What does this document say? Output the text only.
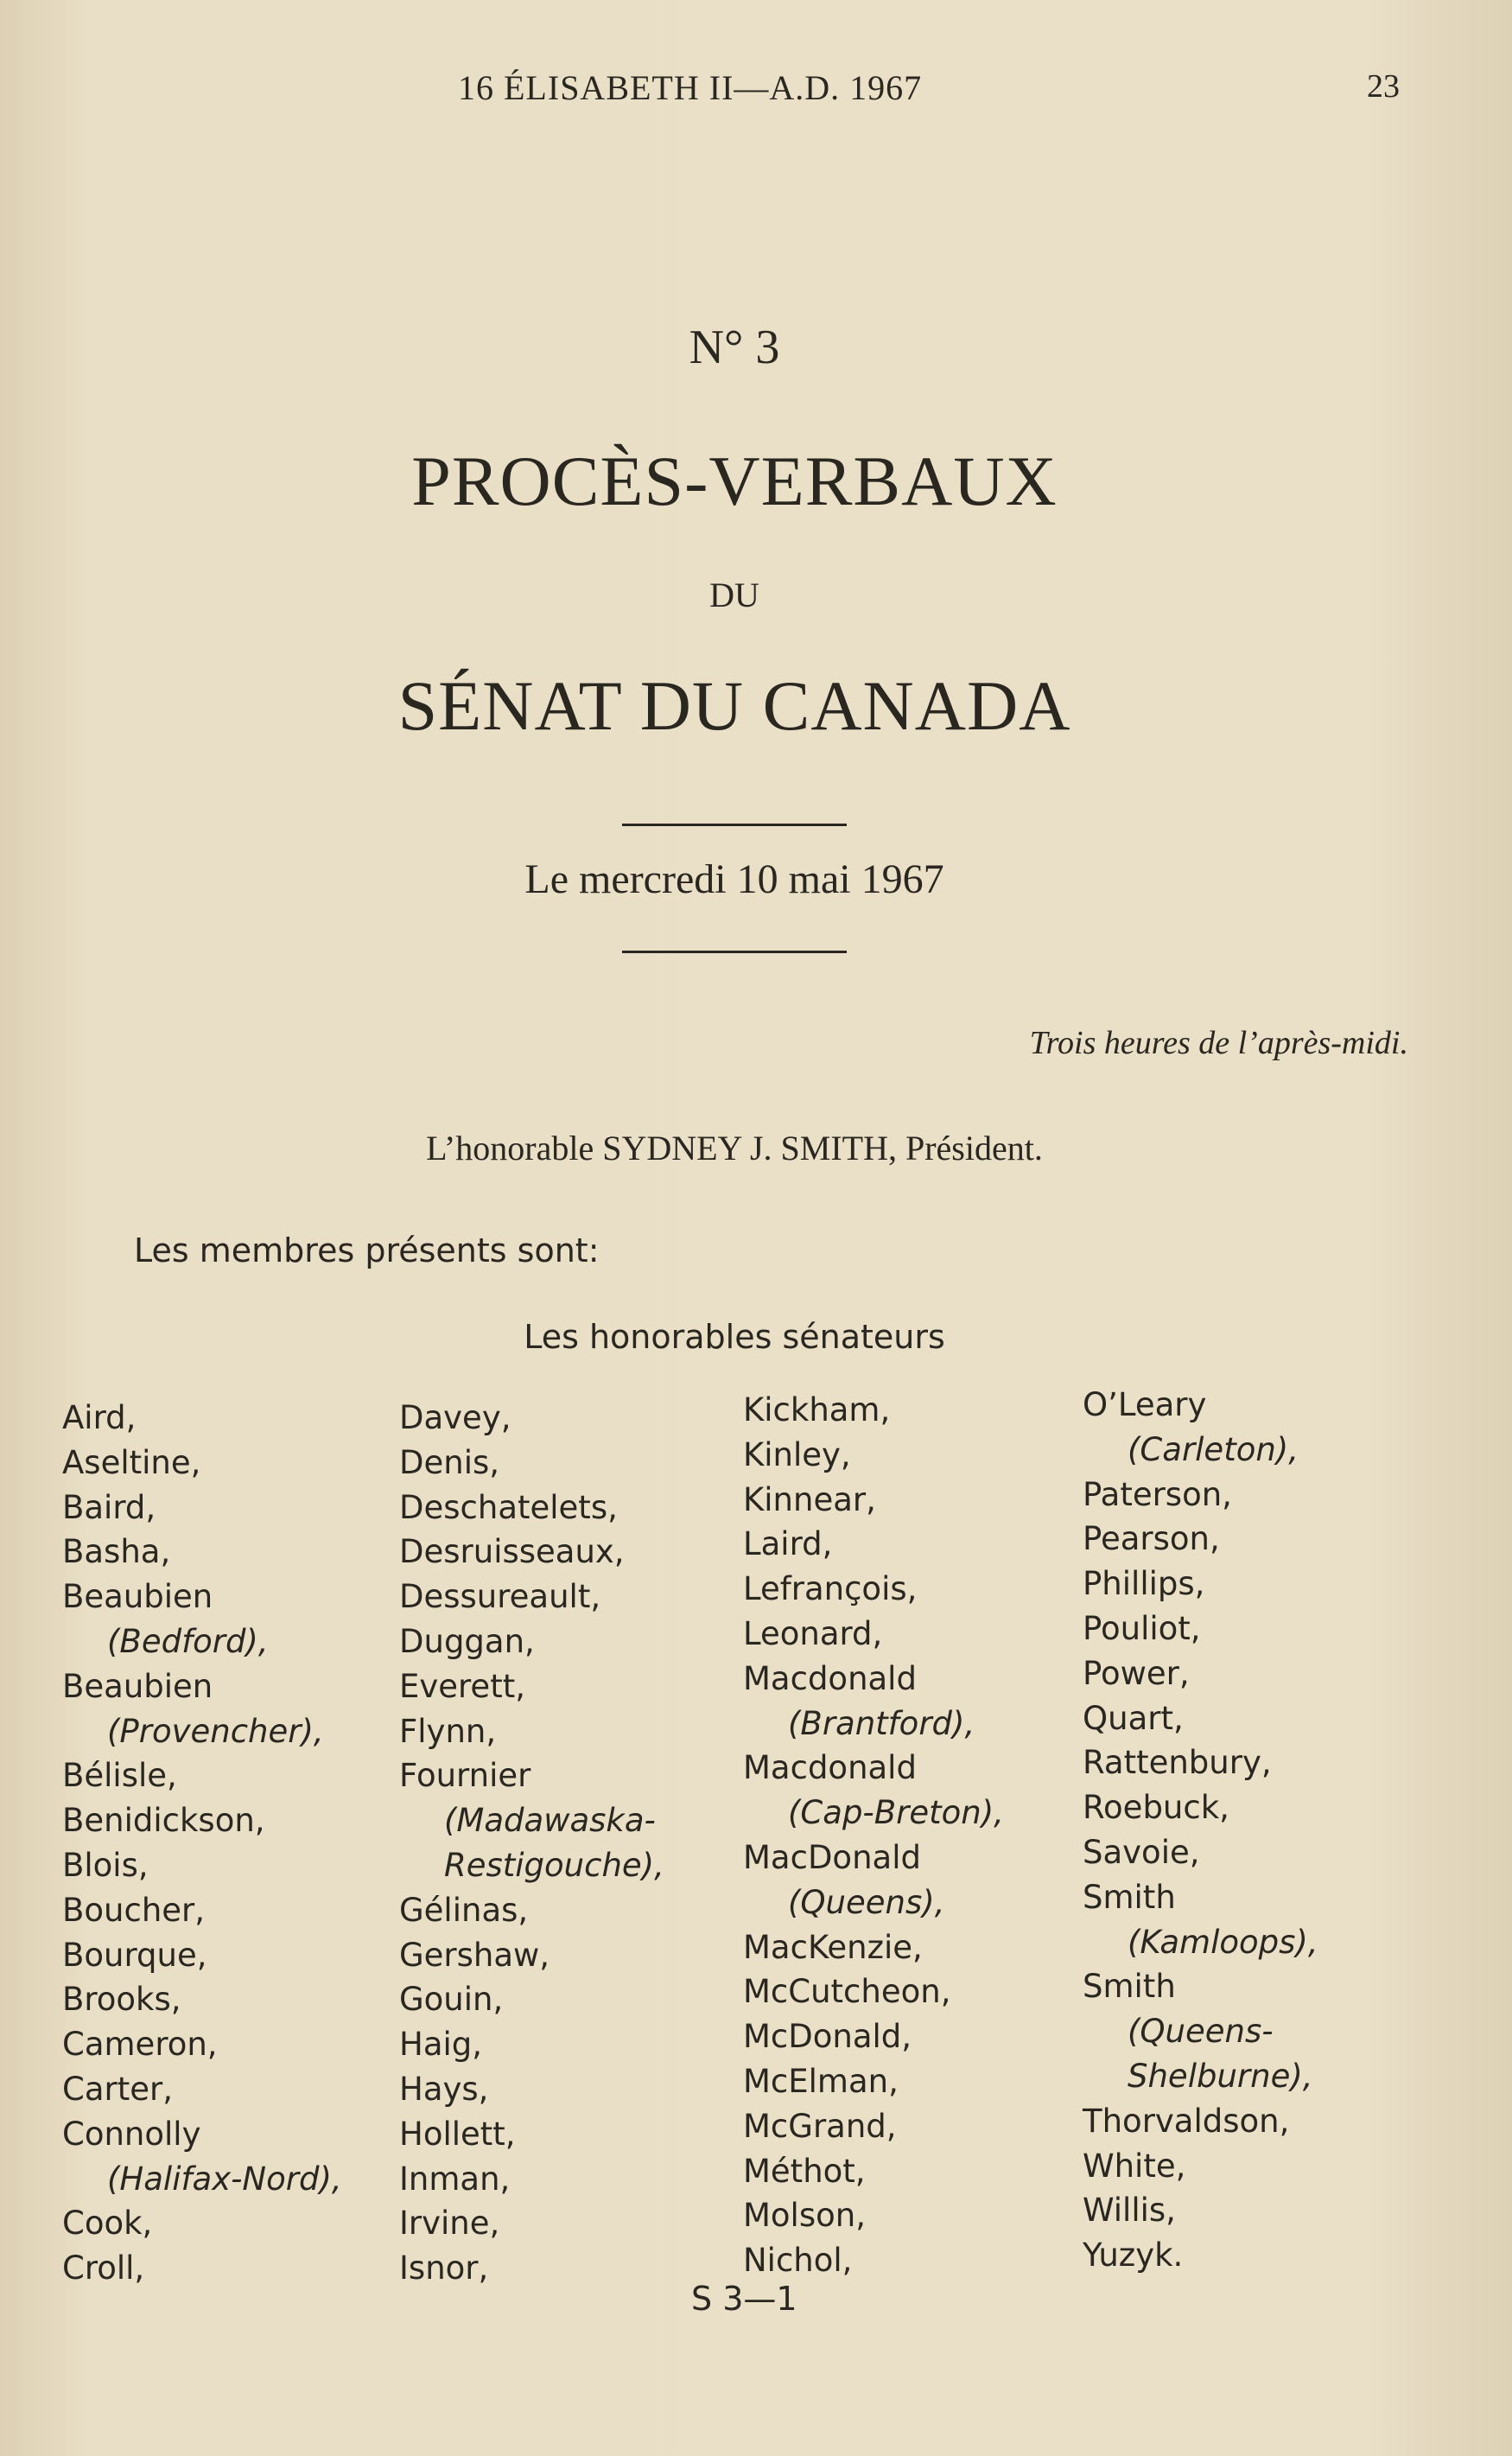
16 ÉLISABETH II—A.D. 1967	23
N° 3
PROCÈS-VERBAUX
DU
SÉNAT DU CANADA
Le mercredi 10 mai 1967
Trois heures de l’après-midi.
L’honorable SYDNEY J. SMITH, Président.
Les membres présents sont:
Les honorables sénateurs
Aird,
Aseltine,
Baird,
Basha,
Beaubien
(Bedford),
Beaubien
(Provencher),
Bélisle,
Benidickson,
Blois,
Boucher,
Bourque,
Brooks,
Cameron,
Carter,
Connolly
(Halifax-Nord),
Cook,
Croll,
Davey,
Denis,
Deschatelets,
Desruisseaux,
Dessureault,
Duggan,
Everett,
Flynn,
Fournier
(Madawaska-
Restigouche),
Gélinas,
Gershaw,
Gouin,
Haig,
Hays,
Hollett,
Inman,
Irvine,
Isnor,
Kickham,
Kinley,
Kinnear,
Laird,
Lefrançois,
Leonard,
Macdonald
(Brantford),
Macdonald
(Cap-Breton),
MacDonald
(Queens),
MacKenzie,
McCutcheon,
McDonald,
McElman,
McGrand,
Méthot,
Molson,
Nichol,
O’Leary
(Carleton),
Paterson,
Pearson,
Phillips,
Pouliot,
Power,
Quart,
Rattenbury,
Roebuck,
Savoie,
Smith
(Kamloops),
Smith
(Queens-
Shelburne),
Thorvaldson,
White,
Willis,
Yuzyk.
S 3—1
